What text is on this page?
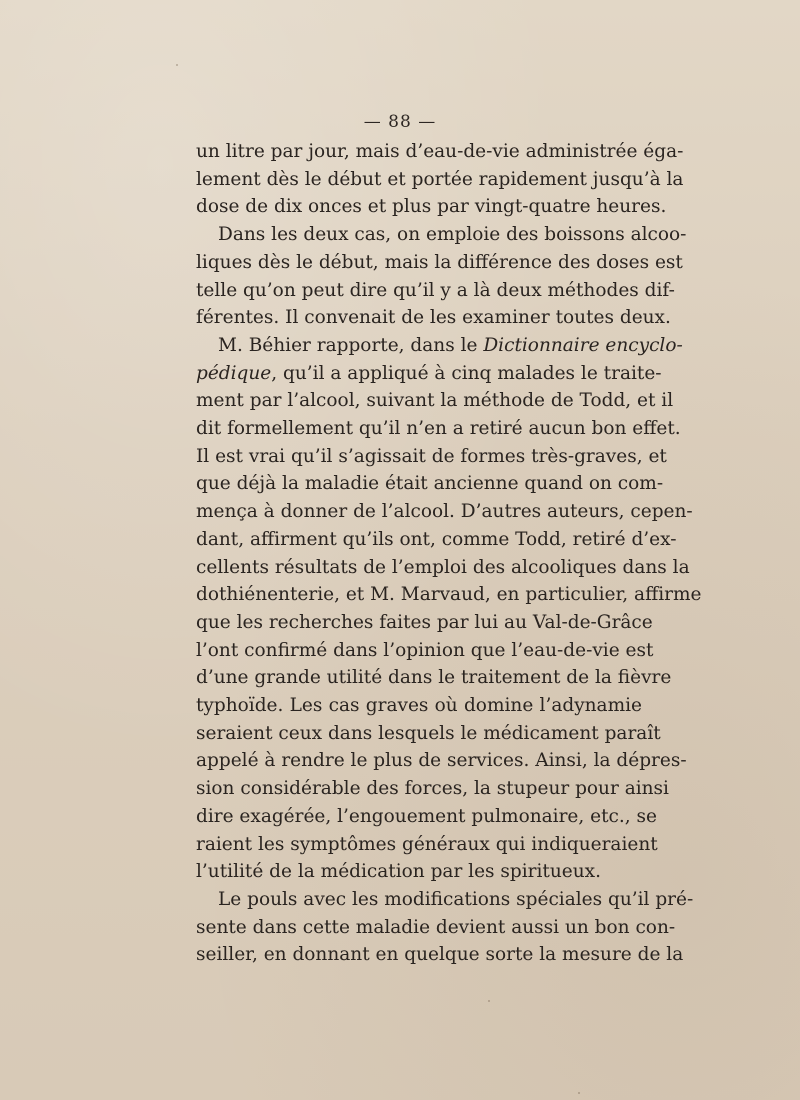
— 88 —
un litre par jour, mais d’eau-de-vie administrée éga-
lement dès le début et portée rapidement jusqu’à la
dose de dix onces et plus par vingt-quatre heures.
Dans les deux cas, on emploie des boissons alcoo-
liques dès le début, mais la différence des doses est
telle qu’on peut dire qu’il y a là deux méthodes dif-
férentes. Il convenait de les examiner toutes deux.
M. Béhier rapporte, dans le Dictionnaire encyclo-
pédique, qu’il a appliqué à cinq malades le traite-
ment par l’alcool, suivant la méthode de Todd, et il
dit formellement qu’il n’en a retiré aucun bon effet.
Il est vrai qu’il s’agissait de formes très-graves, et
que déjà la maladie était ancienne quand on com-
mença à donner de l’alcool. D’autres auteurs, cepen-
dant, affirment qu’ils ont, comme Todd, retiré d’ex-
cellents résultats de l’emploi des alcooliques dans la
dothiénenterie, et M. Marvaud, en particulier, affirme
que les recherches faites par lui au Val-de-Grâce
l’ont confirmé dans l’opinion que l’eau-de-vie est
d’une grande utilité dans le traitement de la fièvre
typhoïde. Les cas graves où domine l’adynamie
seraient ceux dans lesquels le médicament paraît
appelé à rendre le plus de services. Ainsi, la dépres-
sion considérable des forces, la stupeur pour ainsi
dire exagérée, l’engouement pulmonaire, etc., se
raient les symptômes généraux qui indiqueraient
l’utilité de la médication par les spiritueux.
Le pouls avec les modifications spéciales qu’il pré-
sente dans cette maladie devient aussi un bon con-
seiller, en donnant en quelque sorte la mesure de la
